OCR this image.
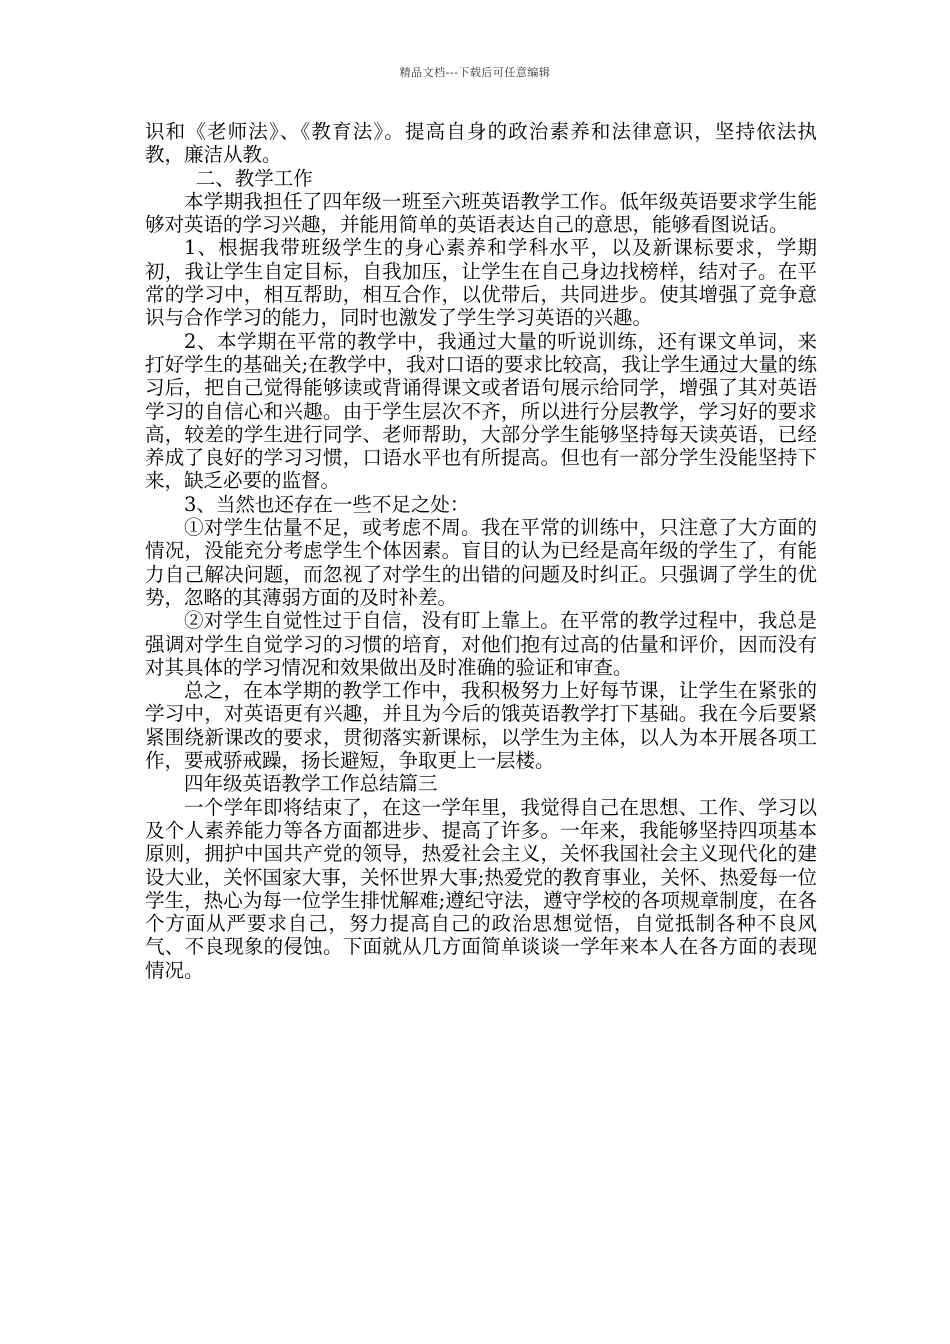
精品文档---下载后可任意编辑

识和《老师法》、《教育法》。提高自身的政治素养和法律意识，坚持依法执教，廉洁从教。

二、教学工作

本学期我担任了四年级一班至六班英语教学工作。低年级英语要求学生能够对英语的学习兴趣，并能用简单的英语表达自己的意思，能够看图说话。

1、根据我带班级学生的身心素养和学科水平，以及新课标要求，学期初，我让学生自定目标，自我加压，让学生在自己身边找榜样，结对子。在平常的学习中，相互帮助，相互合作，以优带后，共同进步。使其增强了竞争意识与合作学习的能力，同时也激发了学生学习英语的兴趣。

2、本学期在平常的教学中，我通过大量的听说训练，还有课文单词，来打好学生的基础关;在教学中，我对口语的要求比较高，我让学生通过大量的练习后，把自己觉得能够读或背诵得课文或者语句展示给同学，增强了其对英语学习的自信心和兴趣。由于学生层次不齐，所以进行分层教学，学习好的要求高，较差的学生进行同学、老师帮助，大部分学生能够坚持每天读英语，已经养成了良好的学习习惯，口语水平也有所提高。但也有一部分学生没能坚持下来，缺乏必要的监督。

3、当然也还存在一些不足之处：

①对学生估量不足，或考虑不周。我在平常的训练中，只注意了大方面的情况，没能充分考虑学生个体因素。盲目的认为已经是高年级的学生了，有能力自己解决问题，而忽视了对学生的出错的问题及时纠正。只强调了学生的优势，忽略的其薄弱方面的及时补差。

②对学生自觉性过于自信，没有盯上靠上。在平常的教学过程中，我总是强调对学生自觉学习的习惯的培育，对他们抱有过高的估量和评价，因而没有对其具体的学习情况和效果做出及时准确的验证和审查。

总之，在本学期的教学工作中，我积极努力上好每节课，让学生在紧张的学习中，对英语更有兴趣，并且为今后的饿英语教学打下基础。我在今后要紧紧围绕新课改的要求，贯彻落实新课标，以学生为主体，以人为本开展各项工作，要戒骄戒躁，扬长避短，争取更上一层楼。

四年级英语教学工作总结篇三

一个学年即将结束了，在这一学年里，我觉得自己在思想、工作、学习以及个人素养能力等各方面都进步、提高了许多。一年来，我能够坚持四项基本原则，拥护中国共产党的领导，热爱社会主义，关怀我国社会主义现代化的建设大业，关怀国家大事，关怀世界大事;热爱党的教育事业，关怀、热爱每一位学生，热心为每一位学生排忧解难;遵纪守法，遵守学校的各项规章制度，在各个方面从严要求自己，努力提高自己的政治思想觉悟，自觉抵制各种不良风气、不良现象的侵蚀。下面就从几方面简单谈谈一学年来本人在各方面的表现情况。
